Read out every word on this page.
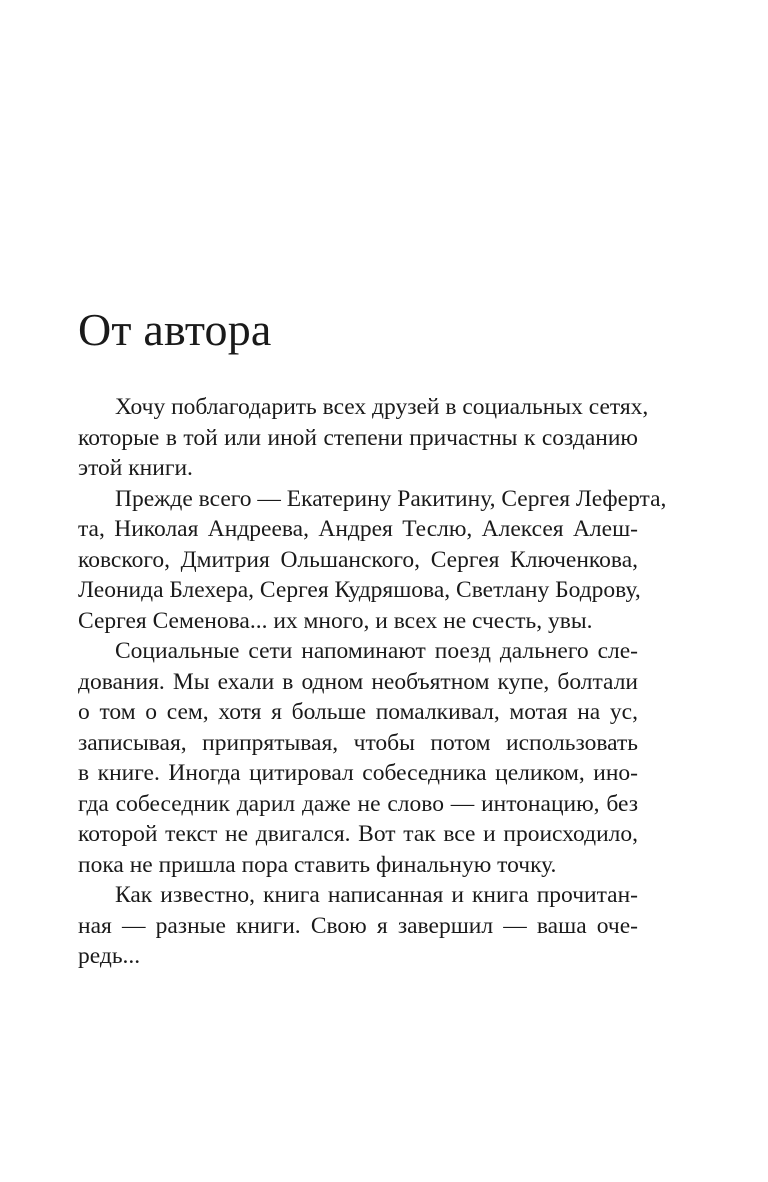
От автора
Хочу поблагодарить всех друзей в социальных сетях,
которые в той или иной степени причастны к созданию
этой книги.
Прежде всего — Екатерину Ракитину, Сергея Леферта,
та, Николая Андреева, Андрея Теслю, Алексея Алеш-
ковского, Дмитрия Ольшанского, Сергея Ключенкова,
Леонида Блехера, Сергея Кудряшова, Светлану Бодрову,
Сергея Семенова... их много, и всех не счесть, увы.
Социальные сети напоминают поезд дальнего сле-
дования. Мы ехали в одном необъятном купе, болтали
о том о сем, хотя я больше помалкивал, мотая на ус,
записывая, припрятывая, чтобы потом использовать
в книге. Иногда цитировал собеседника целиком, ино-
гда собеседник дарил даже не слово — интонацию, без
которой текст не двигался. Вот так все и происходило,
пока не пришла пора ставить финальную точку.
Как известно, книга написанная и книга прочитан-
ная — разные книги. Свою я завершил — ваша оче-
редь...
